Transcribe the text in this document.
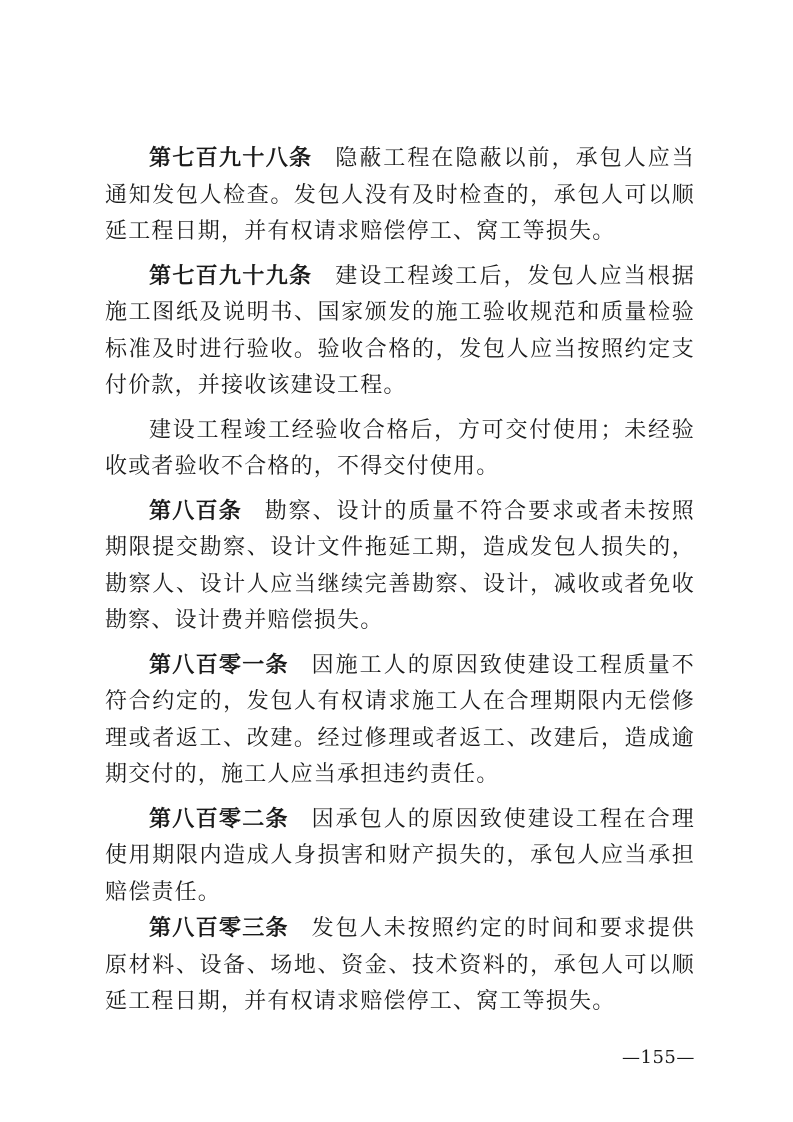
第七百九十八条 隐蔽工程在隐蔽以前，承包人应当通知发包人检查。发包人没有及时检查的，承包人可以顺延工程日期，并有权请求赔偿停工、窝工等损失。

第七百九十九条 建设工程竣工后，发包人应当根据施工图纸及说明书、国家颁发的施工验收规范和质量检验标准及时进行验收。验收合格的，发包人应当按照约定支付价款，并接收该建设工程。

建设工程竣工经验收合格后，方可交付使用；未经验收或者验收不合格的，不得交付使用。

第八百条 勘察、设计的质量不符合要求或者未按照期限提交勘察、设计文件拖延工期，造成发包人损失的，勘察人、设计人应当继续完善勘察、设计，减收或者免收勘察、设计费并赔偿损失。

第八百零一条 因施工人的原因致使建设工程质量不符合约定的，发包人有权请求施工人在合理期限内无偿修理或者返工、改建。经过修理或者返工、改建后，造成逾期交付的，施工人应当承担违约责任。

第八百零二条 因承包人的原因致使建设工程在合理使用期限内造成人身损害和财产损失的，承包人应当承担赔偿责任。

第八百零三条 发包人未按照约定的时间和要求提供原材料、设备、场地、资金、技术资料的，承包人可以顺延工程日期，并有权请求赔偿停工、窝工等损失。

—155—
